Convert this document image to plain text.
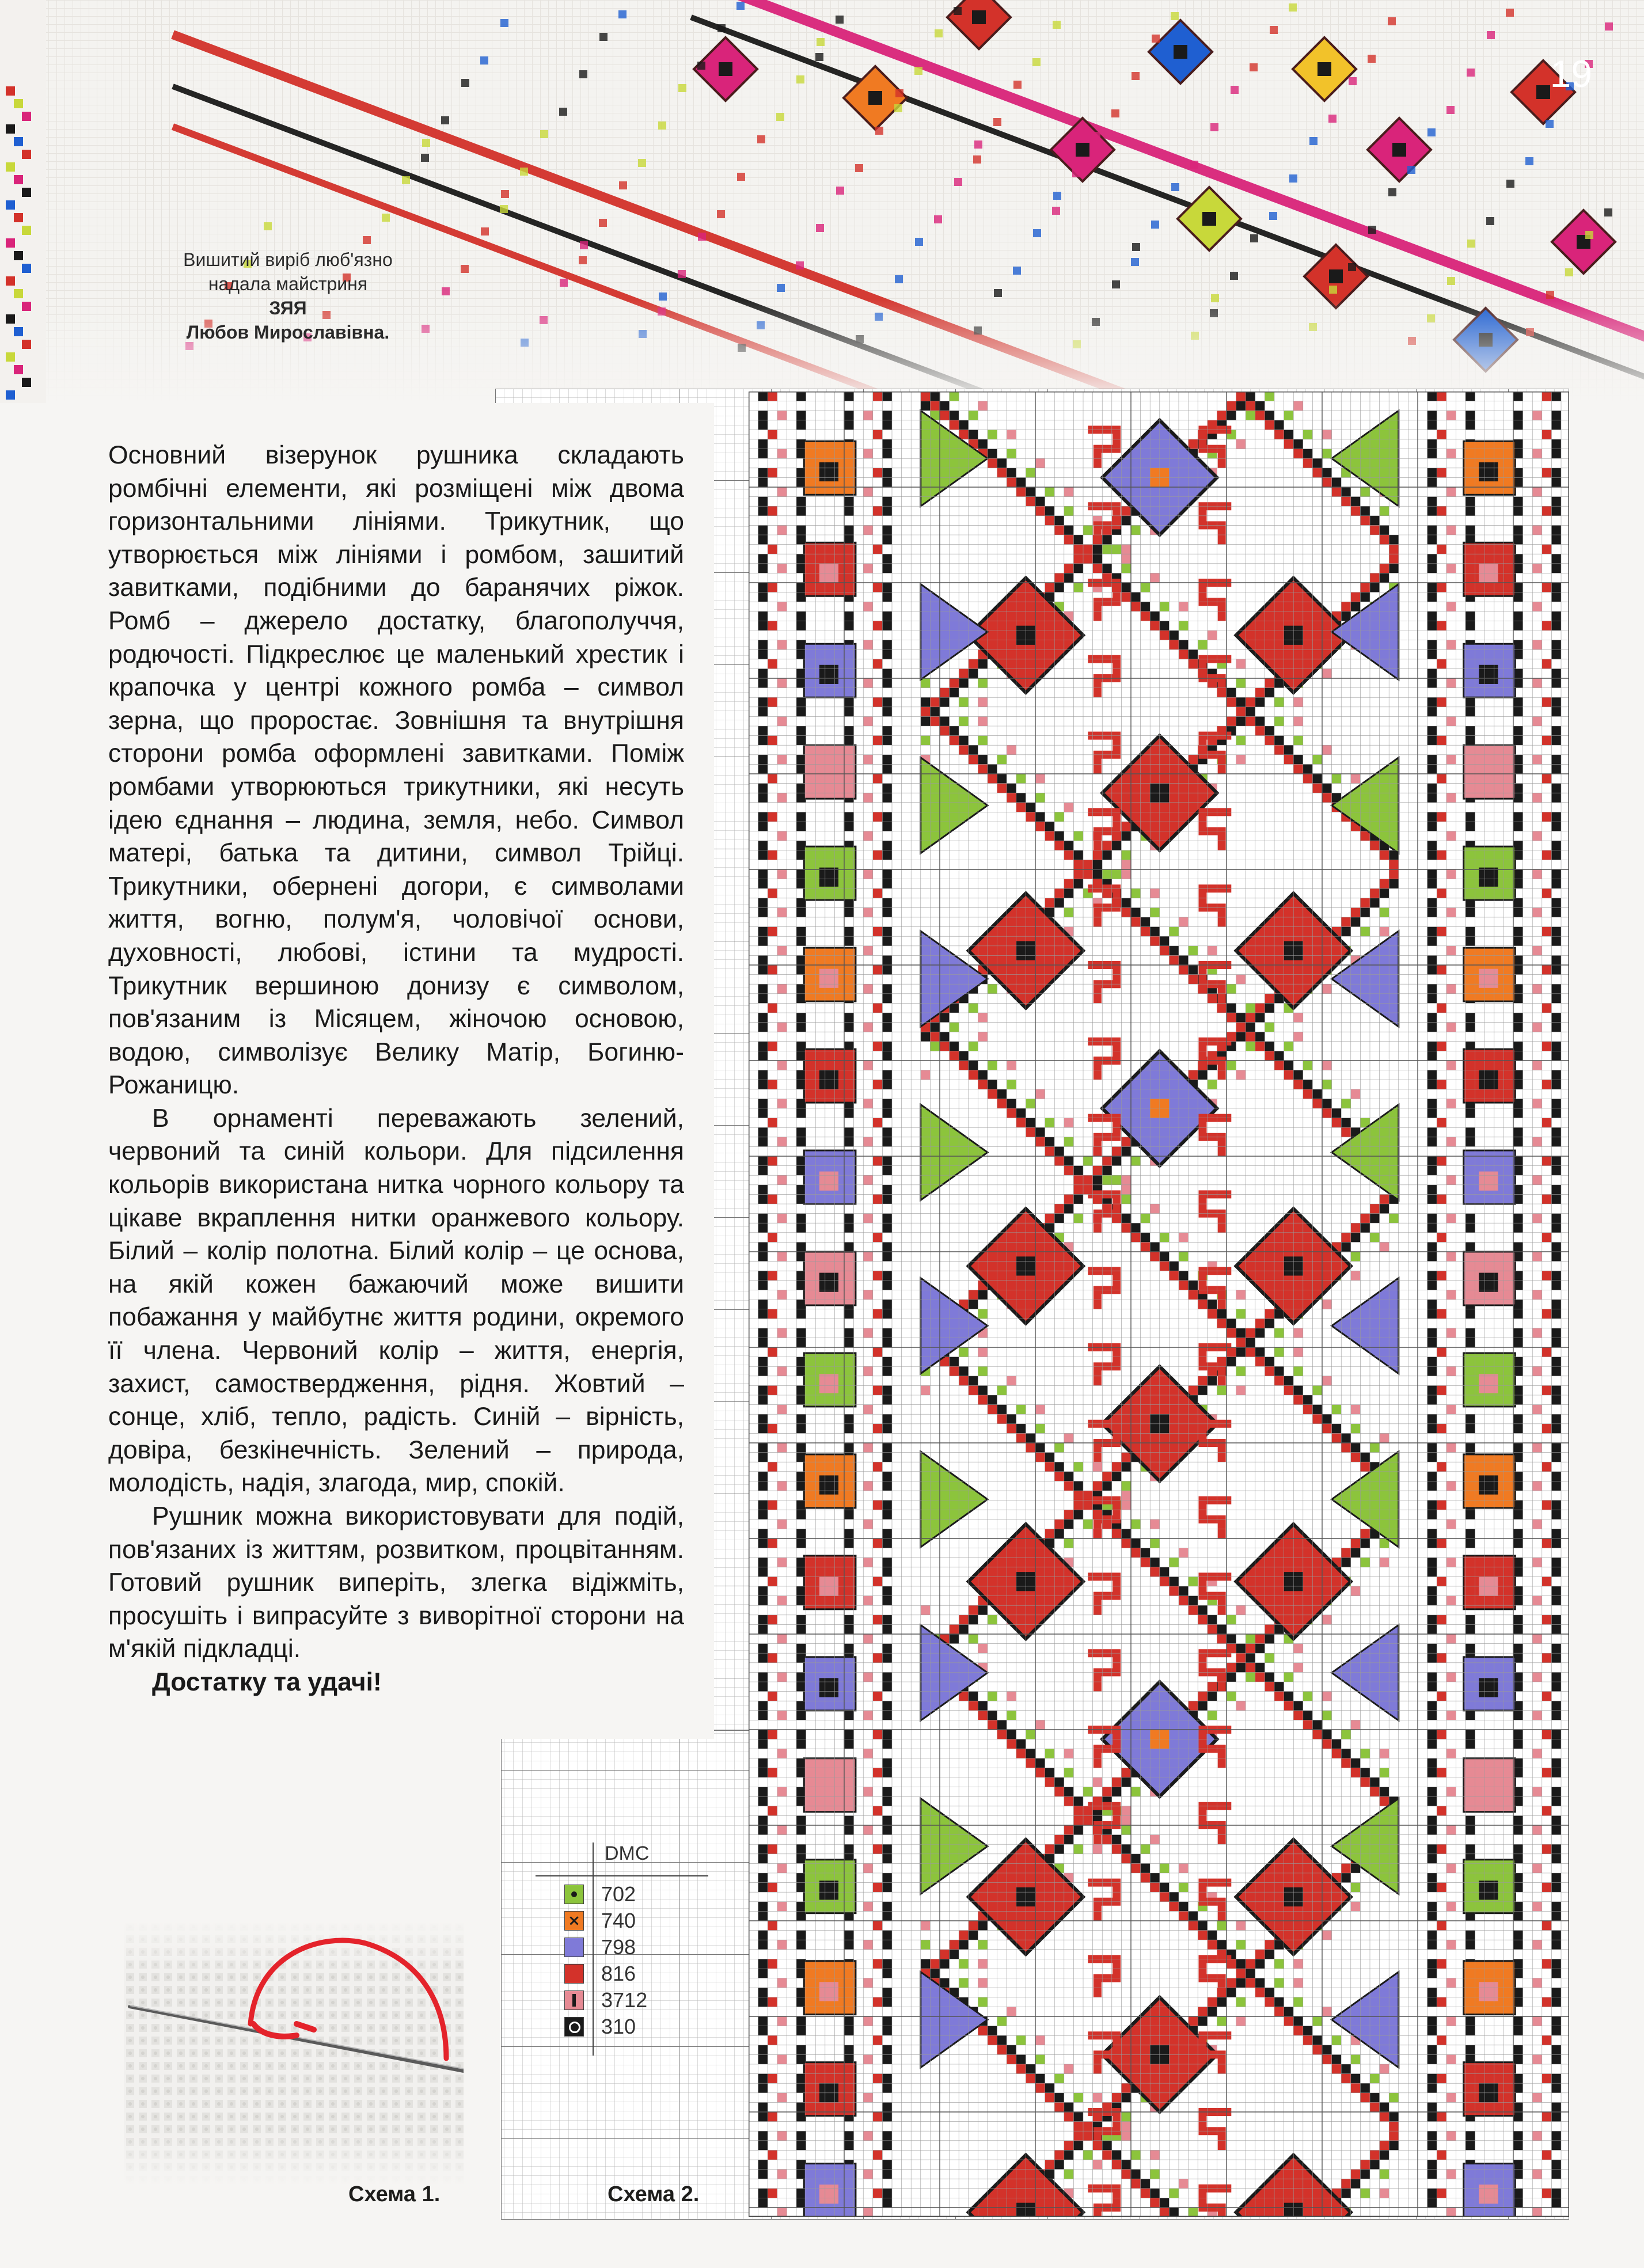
19
Вишитий виріб люб'язно
надала майстриня
ЗЯЯ
Любов Мирославівна.

Основний візерунок рушника складають ромбічні елементи, які розміщені між двома горизонтальними лініями. Трикутник, що утворюється між лініями і ромбом, зашитий завитками, подібними до баранячих ріжок. Ромб – джерело достатку, благополуччя, родючості. Підкреслює це маленький хрестик і крапочка у центрі кожного ромба – символ зерна, що проростає. Зовнішня та внутрішня сторони ромба оформлені завитками. Поміж ромбами утворюються трикутники, які несуть ідею єднання – людина, земля, небо. Символ матері, батька та дитини, символ Трійці. Трикутники, обернені догори, є символами життя, вогню, полум'я, чоловічої основи, духовності, любові, істини та мудрості. Трикутник вершиною донизу є символом, пов'язаним із Місяцем, жіночою основою, водою, символізує Велику Матір, Богиню-Рожаницю.

В орнаменті переважають зелений, червоний та синій кольори. Для підсилення кольорів використана нитка чорного кольору та цікаве вкраплення нитки оранжевого кольору. Білий – колір полотна. Білий колір – це основа, на якій кожен бажаючий може вишити побажання у майбутнє життя родини, окремого її члена. Червоний колір – життя, енергія, захист, самоствердження, рідня. Жовтий – сонце, хліб, тепло, радість. Синій – вірність, довіра, безкінечність. Зелений – природа, молодість, надія, злагода, мир, спокій.

Рушник можна використовувати для подій, пов'язаних із життям, розвитком, процвітанням. Готовий рушник виперіть, злегка відіжміть, просушіть і випрасуйте з виворітної сторони на м'якій підкладці.

Достатку та удачі!

DMC
702
× 740
798
816
3712
310
Схема 1.	Схема 2.
